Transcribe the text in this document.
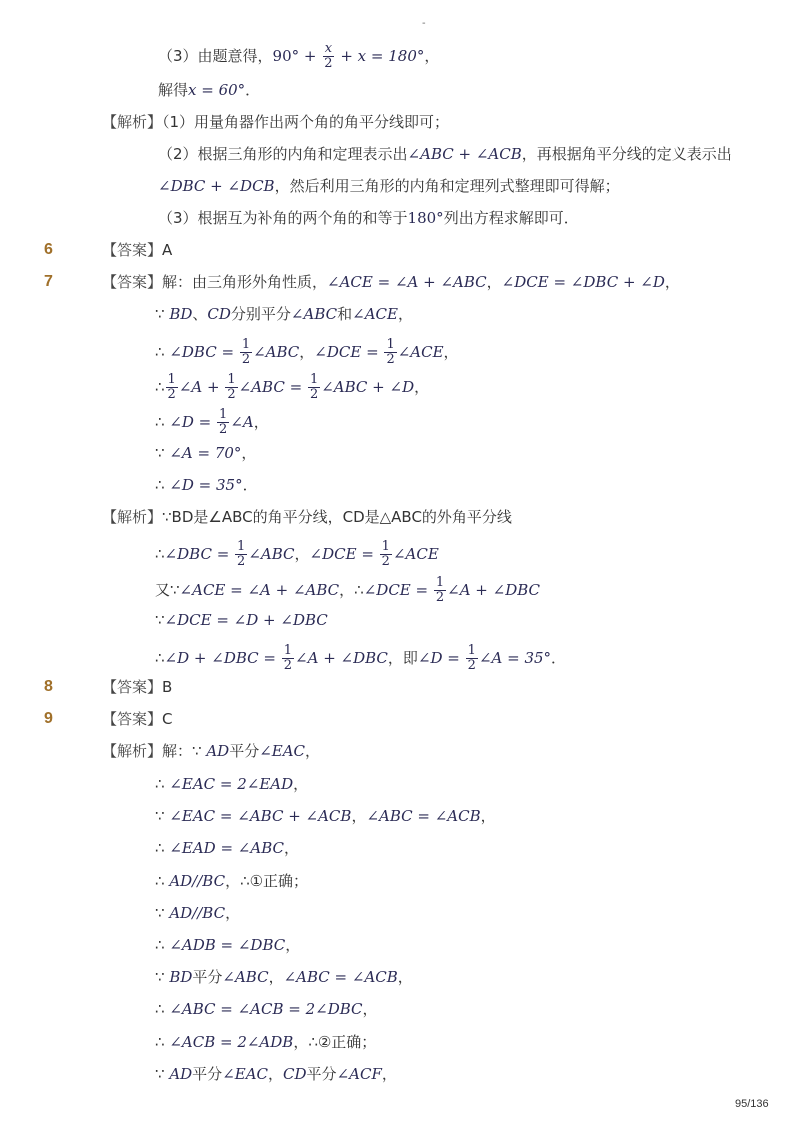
-
（3）由题意得，$90^\circ + \frac{x}{2} + x = 180^\circ$，
解得x = 60°．
【解析】（1）用量角器作出两个角的角平分线即可；
（2）根据三角形的内角和定理表示出∠ABC + ∠ACB，再根据角平分线的定义表示出
∠DBC + ∠DCB，然后利用三角形的内角和定理列式整理即可得解；
（3）根据互为补角的两个角的和等于180°列出方程求解即可．
6	【答案】A
7	【答案】解：由三角形外角性质，∠ACE = ∠A + ∠ABC，∠DCE = ∠DBC + ∠D，
∵ BD、CD分别平分∠ABC和∠ACE，
∴ ∠DBC = $\frac{1}{2}$ ∠ABC，∠DCE = $\frac{1}{2}$ ∠ACE，
∴ $\frac{1}{2}$ ∠A + $\frac{1}{2}$ ∠ABC = $\frac{1}{2}$ ∠ABC + ∠D，
∴ ∠D = $\frac{1}{2}$ ∠A，
∵ ∠A = 70°，
∴ ∠D = 35°．
【解析】∵BD是∠ABC的角平分线，CD是△ABC的外角平分线
∴∠DBC = $\frac{1}{2}$ ∠ABC，∠DCE = $\frac{1}{2}$ ∠ACE
又∵∠ACE = ∠A + ∠ABC，∴∠DCE = $\frac{1}{2}$ ∠A + ∠DBC
∵∠DCE = ∠D + ∠DBC
∴∠D + ∠DBC = $\frac{1}{2}$ ∠A + ∠DBC，即∠D = $\frac{1}{2}$ ∠A = 35°．
8	【答案】B
9	【答案】C
【解析】解：∵ AD平分∠EAC，
∴ ∠EAC = 2∠EAD，
∵ ∠EAC = ∠ABC + ∠ACB，∠ABC = ∠ACB，
∴ ∠EAD = ∠ABC，
∴ AD//BC，∴①正确；
∵ AD//BC，
∴ ∠ADB = ∠DBC，
∵ BD平分∠ABC，∠ABC = ∠ACB，
∴ ∠ABC = ∠ACB = 2∠DBC，
∴ ∠ACB = 2∠ADB，∴②正确；
∵ AD平分∠EAC，CD平分∠ACF，
95/136
